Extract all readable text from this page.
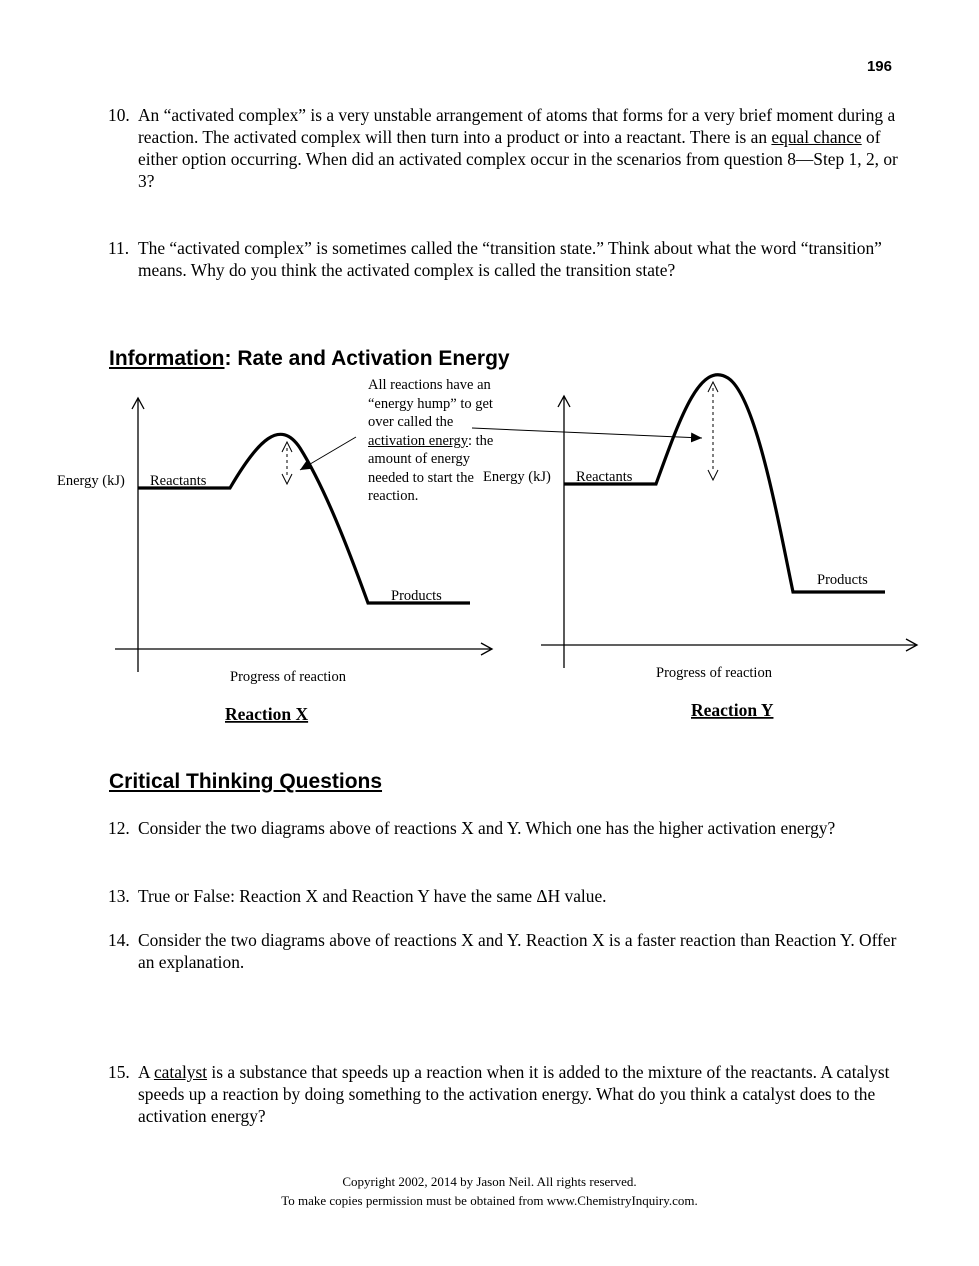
196
10. An “activated complex” is a very unstable arrangement of atoms that forms for a very brief moment during a reaction. The activated complex will then turn into a product or into a reactant. There is an equal chance of either option occurring. When did an activated complex occur in the scenarios from question 8—Step 1, 2, or 3?
11. The “activated complex” is sometimes called the “transition state.” Think about what the word “transition” means. Why do you think the activated complex is called the transition state?
Information: Rate and Activation Energy
All reactions have an “energy hump” to get over called the activation energy: the amount of energy needed to start the reaction.
Energy (kJ) Reactants
Products
Progress of reaction
Reaction X
Energy (kJ) Reactants
Products
Progress of reaction
Reaction Y
Critical Thinking Questions
12. Consider the two diagrams above of reactions X and Y. Which one has the higher activation energy?
13. True or False: Reaction X and Reaction Y have the same ΔH value.
14. Consider the two diagrams above of reactions X and Y. Reaction X is a faster reaction than Reaction Y. Offer an explanation.
15. A catalyst is a substance that speeds up a reaction when it is added to the mixture of the reactants. A catalyst speeds up a reaction by doing something to the activation energy. What do you think a catalyst does to the activation energy?
Copyright 2002, 2014 by Jason Neil. All rights reserved.
To make copies permission must be obtained from www.ChemistryInquiry.com.
